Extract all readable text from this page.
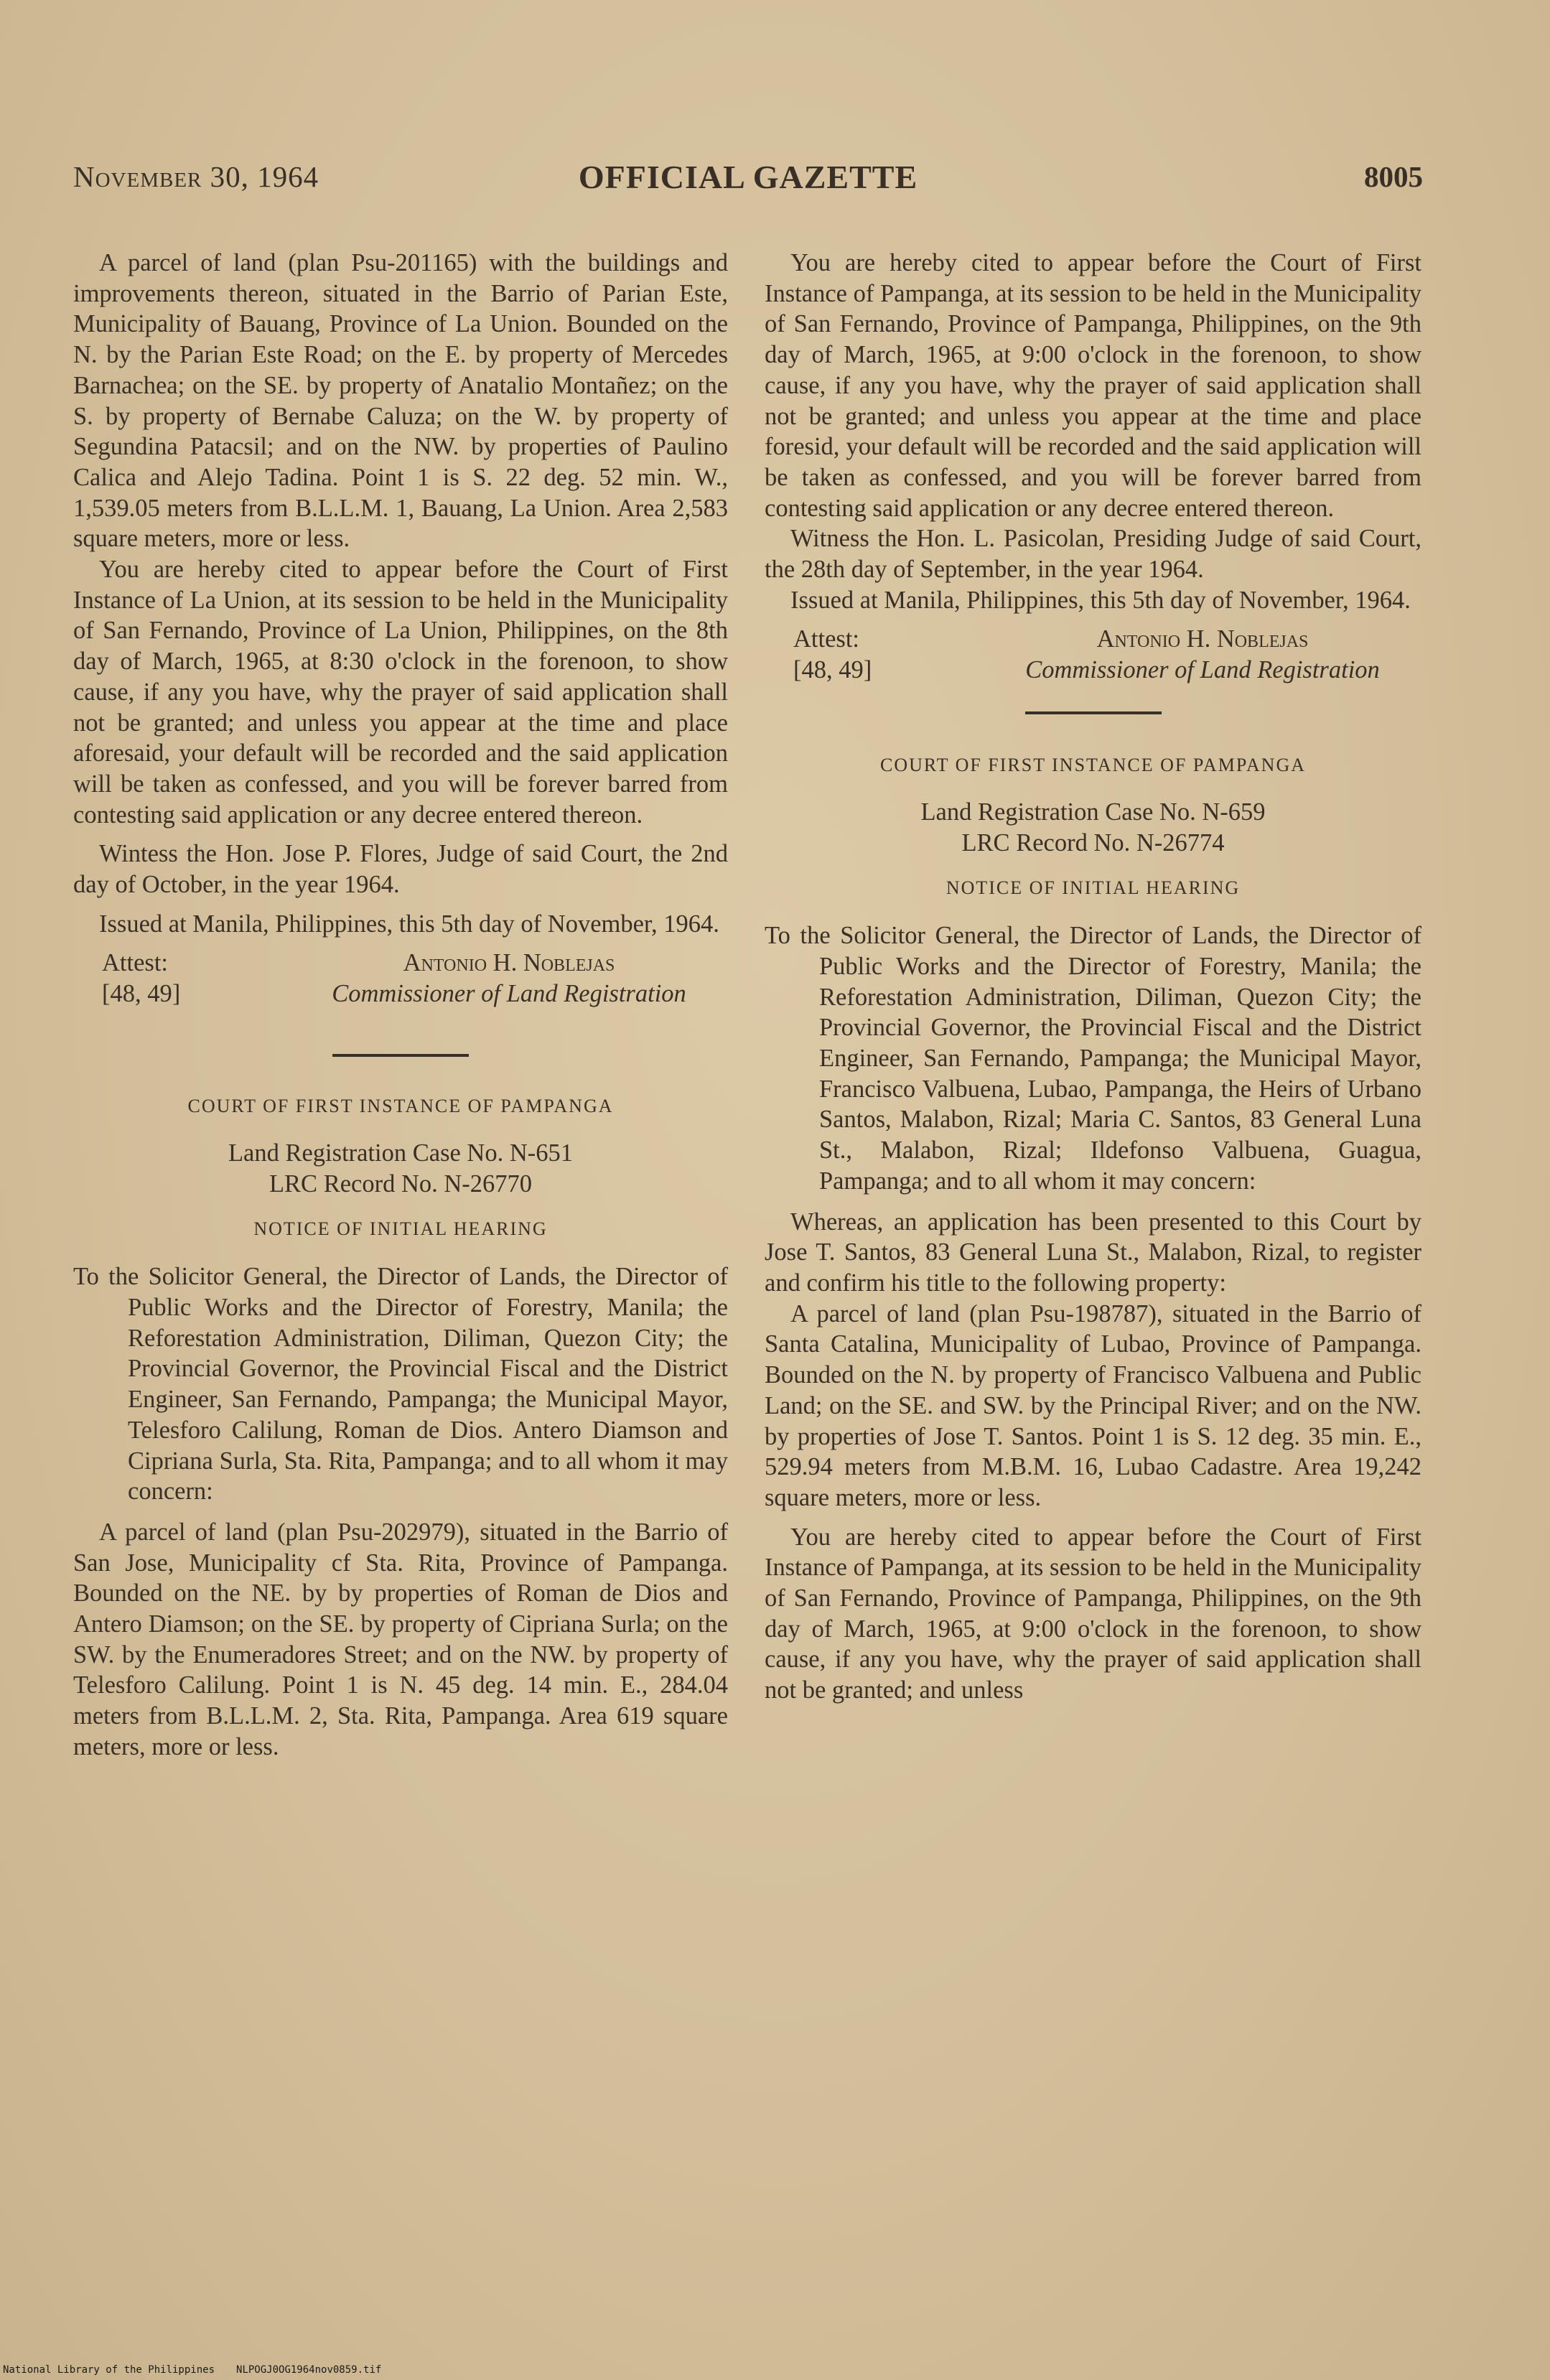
November 30, 1964	OFFICIAL GAZETTE	8005

A parcel of land (plan Psu-201165) with the buildings and improvements thereon, situated in the Barrio of Parian Este, Municipality of Bauang, Province of La Union. Bounded on the N. by the Parian Este Road; on the E. by property of Mercedes Barnachea; on the SE. by property of Anatalio Montañez; on the S. by property of Bernabe Caluza; on the W. by property of Segundina Patacsil; and on the NW. by properties of Paulino Calica and Alejo Tadina. Point 1 is S. 22 deg. 52 min. W., 1,539.05 meters from B.L.L.M. 1, Bauang, La Union. Area 2,583 square meters, more or less.

You are hereby cited to appear before the Court of First Instance of La Union, at its session to be held in the Municipality of San Fernando, Province of La Union, Philippines, on the 8th day of March, 1965, at 8:30 o'clock in the forenoon, to show cause, if any you have, why the prayer of said application shall not be granted; and unless you appear at the time and place aforesaid, your default will be recorded and the said application will be taken as confessed, and you will be forever barred from contesting said application or any decree entered thereon.

Wintess the Hon. Jose P. Flores, Judge of said Court, the 2nd day of October, in the year 1964.

Issued at Manila, Philippines, this 5th day of November, 1964.

Attest:
[48, 49]
Antonio H. Noblejas
Commissioner of Land Registration

COURT OF FIRST INSTANCE OF PAMPANGA

Land Registration Case No. N-651

LRC Record No. N-26770

NOTICE OF INITIAL HEARING

To the Solicitor General, the Director of Lands, the Director of Public Works and the Director of Forestry, Manila; the Reforestation Administration, Diliman, Quezon City; the Provincial Governor, the Provincial Fiscal and the District Engineer, San Fernando, Pampanga; the Municipal Mayor, Telesforo Calilung, Roman de Dios. Antero Diamson and Cipriana Surla, Sta. Rita, Pampanga; and to all whom it may concern:

A parcel of land (plan Psu-202979), situated in the Barrio of San Jose, Municipality cf Sta. Rita, Province of Pampanga. Bounded on the NE. by by properties of Roman de Dios and Antero Diamson; on the SE. by property of Cipriana Surla; on the SW. by the Enumeradores Street; and on the NW. by property of Telesforo Calilung. Point 1 is N. 45 deg. 14 min. E., 284.04 meters from B.L.L.M. 2, Sta. Rita, Pampanga. Area 619 square meters, more or less.

You are hereby cited to appear before the Court of First Instance of Pampanga, at its session to be held in the Municipality of San Fernando, Province of Pampanga, Philippines, on the 9th day of March, 1965, at 9:00 o'clock in the forenoon, to show cause, if any you have, why the prayer of said application shall not be granted; and unless you appear at the time and place foresid, your default will be recorded and the said application will be taken as confessed, and you will be forever barred from contesting said application or any decree entered thereon.

Witness the Hon. L. Pasicolan, Presiding Judge of said Court, the 28th day of September, in the year 1964.

Issued at Manila, Philippines, this 5th day of November, 1964.

Attest:
[48, 49]
Antonio H. Noblejas
Commissioner of Land Registration

COURT OF FIRST INSTANCE OF PAMPANGA

Land Registration Case No. N-659

LRC Record No. N-26774

NOTICE OF INITIAL HEARING

To the Solicitor General, the Director of Lands, the Director of Public Works and the Director of Forestry, Manila; the Reforestation Administration, Diliman, Quezon City; the Provincial Governor, the Provincial Fiscal and the District Engineer, San Fernando, Pampanga; the Municipal Mayor, Francisco Valbuena, Lubao, Pampanga, the Heirs of Urbano Santos, Malabon, Rizal; Maria C. Santos, 83 General Luna St., Malabon, Rizal; Ildefonso Valbuena, Guagua, Pampanga; and to all whom it may concern:

Whereas, an application has been presented to this Court by Jose T. Santos, 83 General Luna St., Malabon, Rizal, to register and confirm his title to the following property:

A parcel of land (plan Psu-198787), situated in the Barrio of Santa Catalina, Municipality of Lubao, Province of Pampanga. Bounded on the N. by property of Francisco Valbuena and Public Land; on the SE. and SW. by the Principal River; and on the NW. by properties of Jose T. Santos. Point 1 is S. 12 deg. 35 min. E., 529.94 meters from M.B.M. 16, Lubao Cadastre. Area 19,242 square meters, more or less.

You are hereby cited to appear before the Court of First Instance of Pampanga, at its session to be held in the Municipality of San Fernando, Province of Pampanga, Philippines, on the 9th day of March, 1965, at 9:00 o'clock in the forenoon, to show cause, if any you have, why the prayer of said application shall not be granted; and unless

National Library of the Philippines NLPOGJ0OG1964nov0859.tif
